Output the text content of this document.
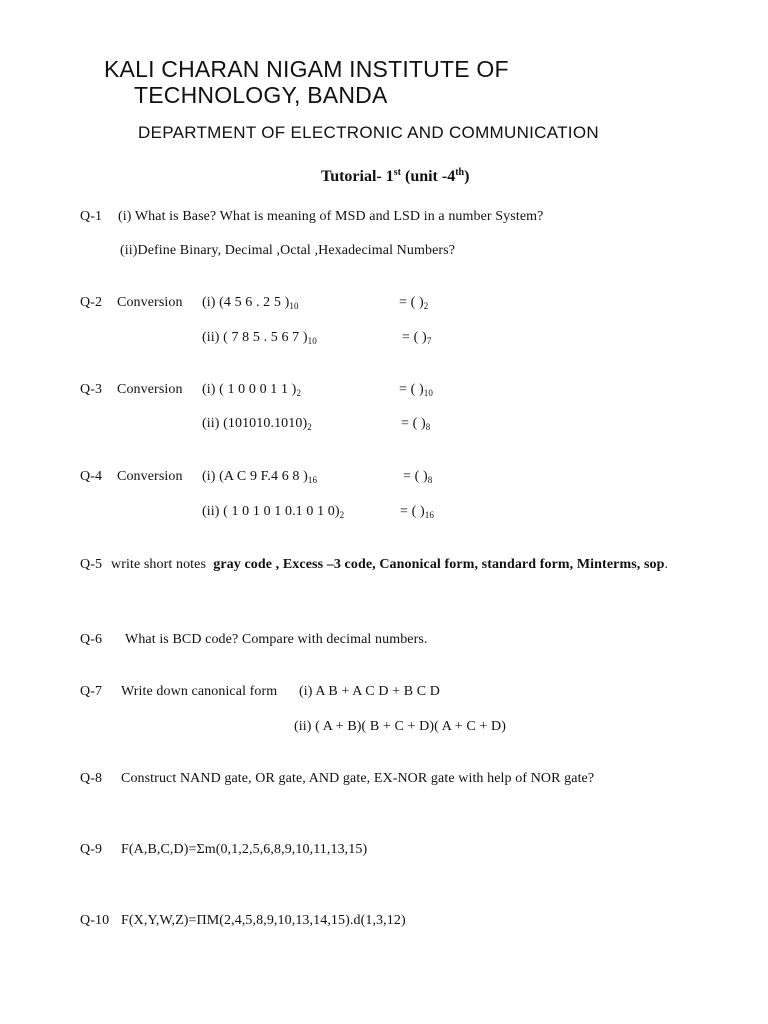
KALI CHARAN NIGAM INSTITUTE OF
TECHNOLOGY, BANDA
DEPARTMENT OF ELECTRONIC AND COMMUNICATION
Tutorial- 1st (unit -4th)
Q-1 (i) What is Base? What is meaning of MSD and LSD in a number System?
(ii)Define Binary, Decimal ,Octal ,Hexadecimal Numbers?
Q-2 Conversion (i) (4 5 6 . 2 5 )$_{10}$	= ( )$_2$
(ii) ( 7 8 5 . 5 6 7 )$_{10}$	= ( )$_7$
Q-3 Conversion (i) ( 1 0 0 0 1 1 )$_2$	= ( )$_{10}$
(ii) $(101010.1010)_2$	= ( )$_8$
Q-4 Conversion (i) (A C 9 F.4 6 8 )$_{16}$	= ( )$_8$
(ii) ( 1 0 1 0 1 0.1 0 1 $0)_2$	= ( )$_{16}$
Q-5 write short notes gray code , Excess –3 code, Canonical form, standard form, Minterms, sop.
Q-6 What is BCD code? Compare with decimal numbers.
Q-7 Write down canonical form (i) A B + A C D + B C D
(ii) ( A + B)( B + C + D)( A + C + D)
Q-8 Construct NAND gate, OR gate, AND gate, EX-NOR gate with help of NOR gate?
Q-9 F(A,B,C,D)=Σm(0,1,2,5,6,8,9,10,11,13,15)
Q-10 F(X,Y,W,Z)=ΠM(2,4,5,8,9,10,13,14,15).d(1,3,12)
